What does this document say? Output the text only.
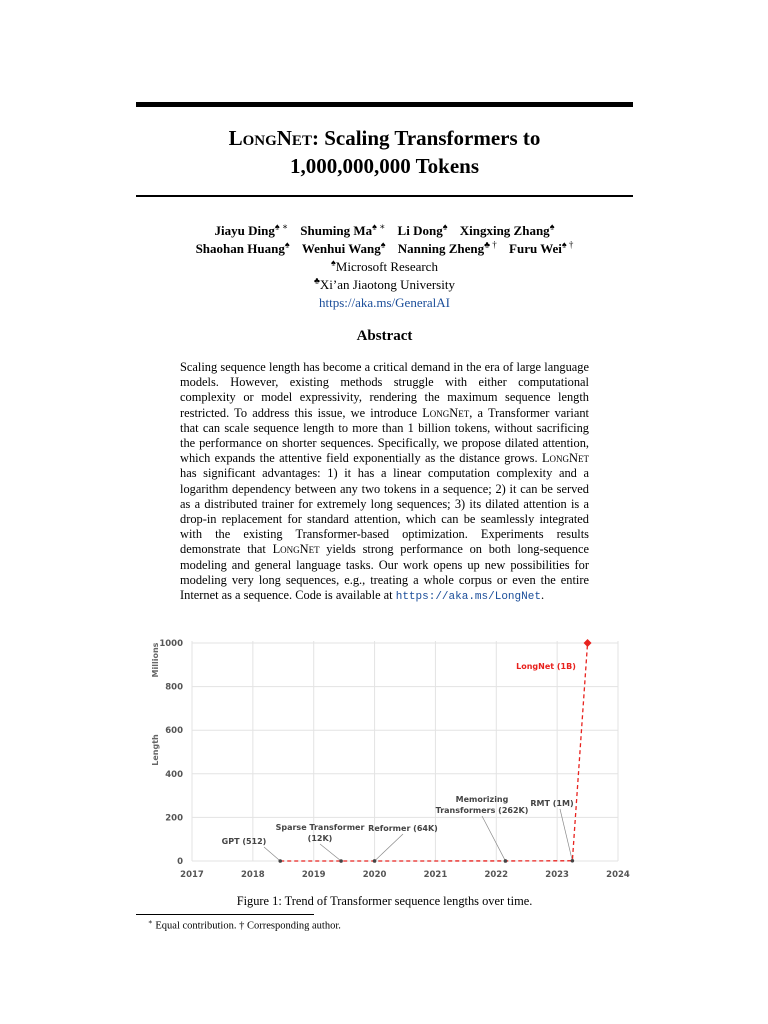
LongNet: Scaling Transformers to
1,000,000,000 Tokens
Jiayu Ding♠ ∗ Shuming Ma♠ ∗ Li Dong♠ Xingxing Zhang♠
Shaohan Huang♠ Wenhui Wang♠ Nanning Zheng♣ † Furu Wei♠ †
♠Microsoft Research
♣Xi’an Jiaotong University
https://aka.ms/GeneralAI
Abstract
Scaling sequence length has become a critical demand in the era of large language models. However, existing methods struggle with either computational complexity or model expressivity, rendering the maximum sequence length restricted. To address this issue, we introduce LongNet, a Transformer variant that can scale sequence length to more than 1 billion tokens, without sacrificing the performance on shorter sequences. Specifically, we propose dilated attention, which expands the attentive field exponentially as the distance grows. LongNet has significant advantages: 1) it has a linear computation complexity and a logarithm dependency between any two tokens in a sequence; 2) it can be served as a distributed trainer for extremely long sequences; 3) its dilated attention is a drop-in replacement for standard attention, which can be seamlessly integrated with the existing Transformer-based optimization. Experiments results demonstrate that LongNet yields strong performance on both long-sequence modeling and general language tasks. Our work opens up new possibilities for modeling very long sequences, e.g., treating a whole corpus or even the entire Internet as a sequence. Code is available at https://aka.ms/LongNet.
2017	2018	2019	2020	2021	2022	2023	2024
0
200
400
600
800
1000
Millions
Length
GPT (512)
Sparse Transformer (12K)
Reformer (64K)
Memorizing Transformers (262K)
RMT (1M)
LongNet (1B)
Figure 1: Trend of Transformer sequence lengths over time.
∗ Equal contribution. † Corresponding author.
